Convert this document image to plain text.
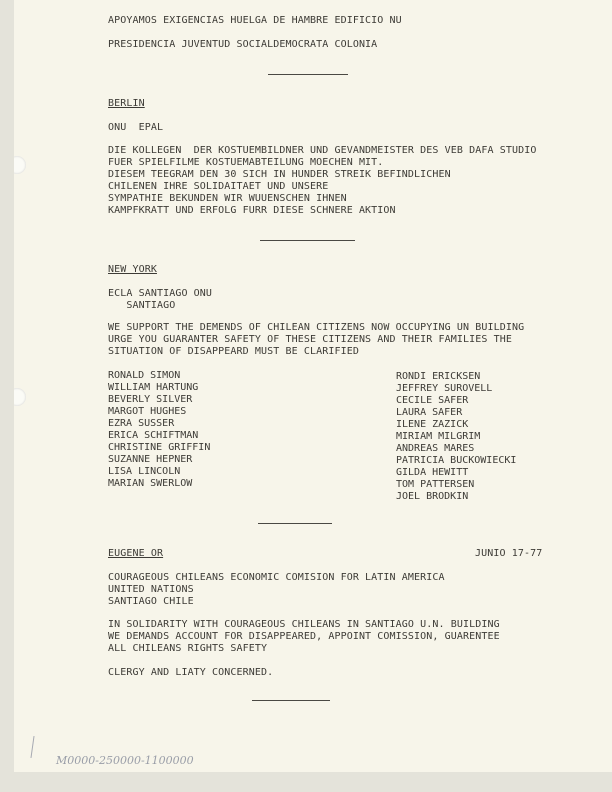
APOYAMOS EXIGENCIAS HUELGA DE HAMBRE EDIFICIO NU
PRESIDENCIA JUVENTUD SOCIALDEMOCRATA COLONIA
BERLIN
ONU  EPAL
DIE KOLLEGEN  DER KOSTUEMBILDNER UND GEVANDMEISTER DES VEB DAFA STUDIO
FUER SPIELFILME KOSTUEMABTEILUNG MOECHEN MIT.
DIESEM TEEGRAM DEN 30 SICH IN HUNDER STREIK BEFINDLICHEN
CHILENEN IHRE SOLIDAITAET UND UNSERE
SYMPATHIE BEKUNDEN WIR WUUENSCHEN IHNEN
KAMPFKRATT UND ERFOLG FURR DIESE SCHNERE AKTION
NEW YORK
ECLA SANTIAGO ONU
SANTIAGO
WE SUPPORT THE DEMENDS OF CHILEAN CITIZENS NOW OCCUPYING UN BUILDING
URGE YOU GUARANTER SAFETY OF THESE CITIZENS AND THEIR FAMILIES THE
SITUATION OF DISAPPEARD MUST BE CLARIFIED
RONALD SIMON
WILLIAM HARTUNG
BEVERLY SILVER
MARGOT HUGHES
EZRA SUSSER
ERICA SCHIFTMAN
CHRISTINE GRIFFIN
SUZANNE HEPNER
LISA LINCOLN
MARIAN SWERLOW
RONDI ERICKSEN
JEFFREY SUROVELL
CECILE SAFER
LAURA SAFER
ILENE ZAZICK
MIRIAM MILGRIM
ANDREAS MARES
PATRICIA BUCKOWIECKI
GILDA HEWITT
TOM PATTERSEN
JOEL BRODKIN
EUGENE OR	JUNIO 17-77
COURAGEOUS CHILEANS ECONOMIC COMISION FOR LATIN AMERICA
UNITED NATIONS
SANTIAGO CHILE
IN SOLIDARITY WITH COURAGEOUS CHILEANS IN SANTIAGO U.N. BUILDING
WE DEMANDS ACCOUNT FOR DISAPPEARED, APPOINT COMISSION, GUARENTEE
ALL CHILEANS RIGHTS SAFETY
CLERGY AND LIATY CONCERNED.
M0000-250000-1100000
